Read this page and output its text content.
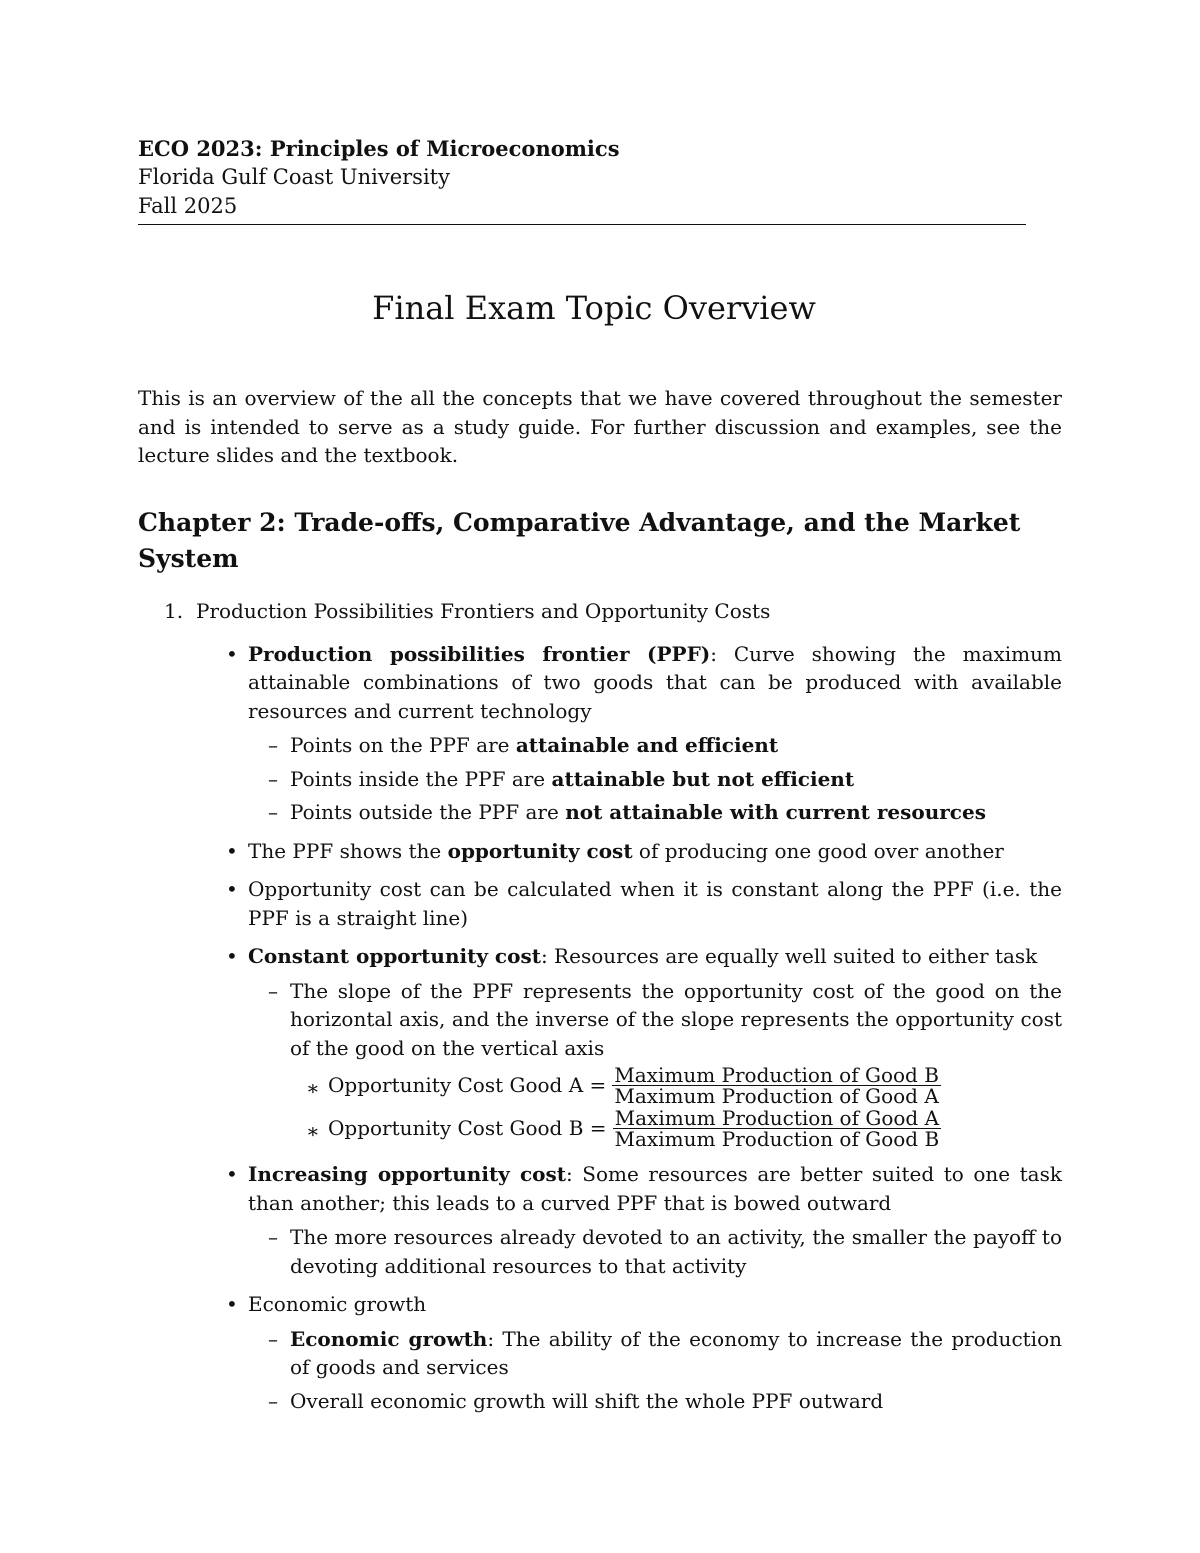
ECO 2023: Principles of Microeconomics
Florida Gulf Coast University
Fall 2025
Final Exam Topic Overview
This is an overview of the all the concepts that we have covered throughout the semester and is intended to serve as a study guide. For further discussion and examples, see the lecture slides and the textbook.
Chapter 2: Trade-offs, Comparative Advantage, and the Market System
1. Production Possibilities Frontiers and Opportunity Costs
• Production possibilities frontier (PPF): Curve showing the maximum attainable combinations of two goods that can be produced with available resources and current technology
– Points on the PPF are attainable and efficient
– Points inside the PPF are attainable but not efficient
– Points outside the PPF are not attainable with current resources
• The PPF shows the opportunity cost of producing one good over another
• Opportunity cost can be calculated when it is constant along the PPF (i.e. the PPF is a straight line)
• Constant opportunity cost: Resources are equally well suited to either task
– The slope of the PPF represents the opportunity cost of the good on the horizontal axis, and the inverse of the slope represents the opportunity cost of the good on the vertical axis
∗ Opportunity Cost Good $A = \frac{\text{Maximum Production of Good B}}{\text{Maximum Production of Good A}}$
∗ Opportunity Cost Good $B = \frac{\text{Maximum Production of Good A}}{\text{Maximum Production of Good B}}$
• Increasing opportunity cost: Some resources are better suited to one task than another; this leads to a curved PPF that is bowed outward
– The more resources already devoted to an activity, the smaller the payoff to devoting additional resources to that activity
• Economic growth
– Economic growth: The ability of the economy to increase the production of goods and services
– Overall economic growth will shift the whole PPF outward
